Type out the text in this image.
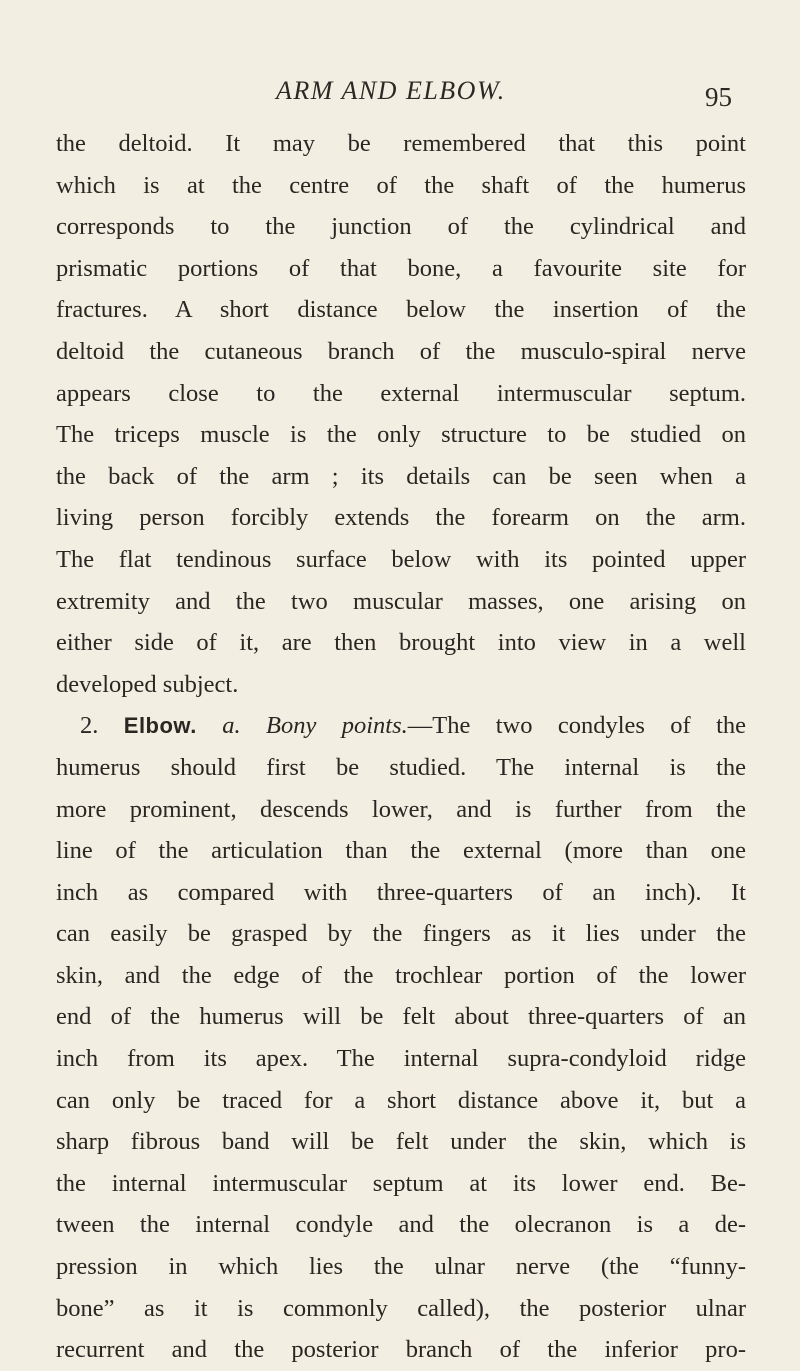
ARM AND ELBOW.	95
the deltoid. It may be remembered that this point
which is at the centre of the shaft of the humerus
corresponds to the junction of the cylindrical and
prismatic portions of that bone, a favourite site for
fractures. A short distance below the insertion of the
deltoid the cutaneous branch of the musculo-spiral nerve
appears close to the external intermuscular septum.
The triceps muscle is the only structure to be studied on
the back of the arm ; its details can be seen when a
living person forcibly extends the forearm on the arm.
The flat tendinous surface below with its pointed upper
extremity and the two muscular masses, one arising on
either side of it, are then brought into view in a well
developed subject.
2. Elbow. a. Bony points.—The two condyles of the
humerus should first be studied. The internal is the
more prominent, descends lower, and is further from the
line of the articulation than the external (more than one
inch as compared with three-quarters of an inch). It
can easily be grasped by the fingers as it lies under the
skin, and the edge of the trochlear portion of the lower
end of the humerus will be felt about three-quarters of an
inch from its apex. The internal supra-condyloid ridge
can only be traced for a short distance above it, but a
sharp fibrous band will be felt under the skin, which is
the internal intermuscular septum at its lower end. Be-
tween the internal condyle and the olecranon is a de-
pression in which lies the ulnar nerve (the “funny-
bone” as it is commonly called), the posterior ulnar
recurrent and the posterior branch of the inferior pro-
